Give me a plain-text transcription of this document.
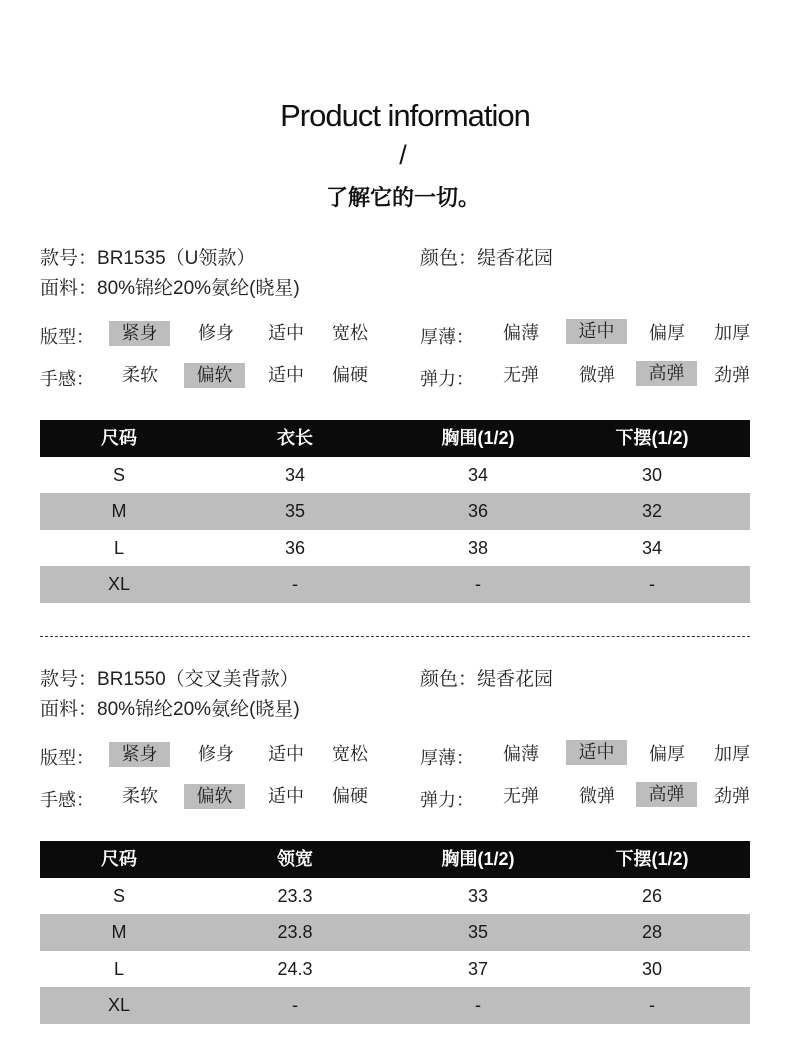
Product information
/
了解它的一切。
款号：BR1535（U领款）	颜色：缇香花园
面料：80%锦纶20%氨纶(晓星)
版型：	紧身	修身	适中	宽松	厚薄：	偏薄	适中	偏厚	加厚
手感：	柔软	偏软	适中	偏硬	弹力：	无弹	微弹	高弹	劲弹
尺码	衣长	胸围(1/2)	下摆(1/2)
S	34	34	30
M	35	36	32
L	36	38	34
XL	-	-	-
款号：BR1550（交叉美背款）	颜色：缇香花园
面料：80%锦纶20%氨纶(晓星)
版型：	紧身	修身	适中	宽松	厚薄：	偏薄	适中	偏厚	加厚
手感：	柔软	偏软	适中	偏硬	弹力：	无弹	微弹	高弹	劲弹
尺码	领宽	胸围(1/2)	下摆(1/2)
S	23.3	33	26
M	23.8	35	28
L	24.3	37	30
XL	-	-	-
